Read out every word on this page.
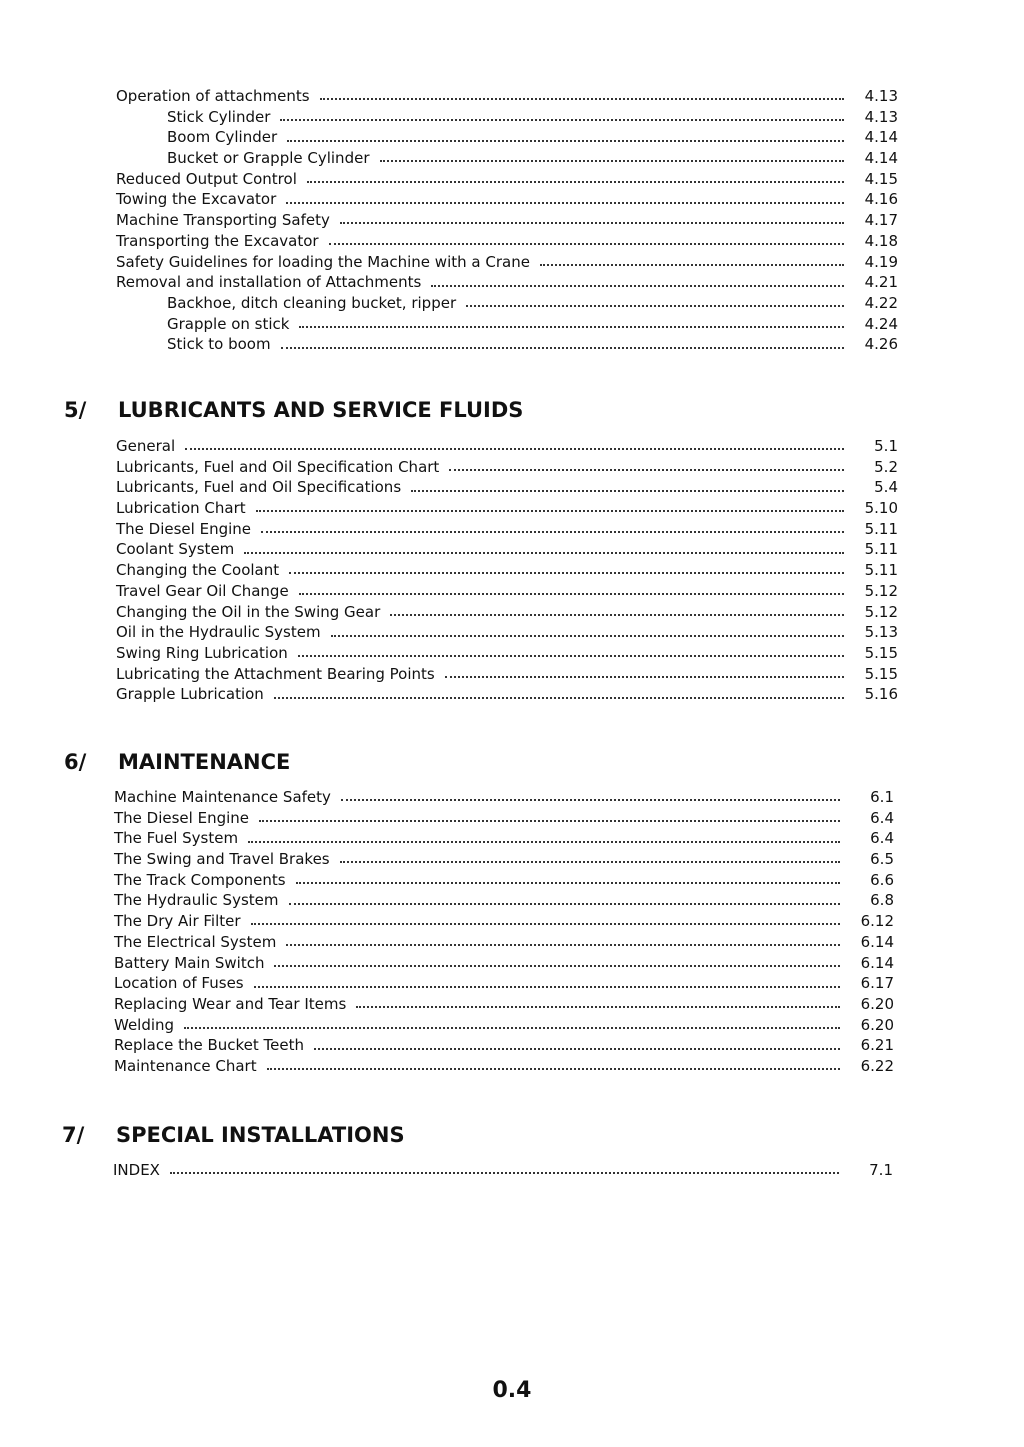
Operation of attachments	4.13
Stick Cylinder	4.13
Boom Cylinder	4.14
Bucket or Grapple Cylinder	4.14
Reduced Output Control	4.15
Towing the Excavator	4.16
Machine Transporting Safety	4.17
Transporting the Excavator	4.18
Safety Guidelines for loading the Machine with a Crane	4.19
Removal and installation of Attachments	4.21
Backhoe, ditch cleaning bucket, ripper	4.22
Grapple on stick	4.24
Stick to boom	4.26
5/	LUBRICANTS AND SERVICE FLUIDS
General	5.1
Lubricants, Fuel and Oil Specification Chart	5.2
Lubricants, Fuel and Oil Specifications	5.4
Lubrication Chart	5.10
The Diesel Engine	5.11
Coolant System	5.11
Changing the Coolant	5.11
Travel Gear Oil Change	5.12
Changing the Oil in the Swing Gear	5.12
Oil in the Hydraulic System	5.13
Swing Ring Lubrication	5.15
Lubricating the Attachment Bearing Points	5.15
Grapple Lubrication	5.16
6/	MAINTENANCE
Machine Maintenance Safety	6.1
The Diesel Engine	6.4
The Fuel System	6.4
The Swing and Travel Brakes	6.5
The Track Components	6.6
The Hydraulic System	6.8
The Dry Air Filter	6.12
The Electrical System	6.14
Battery Main Switch	6.14
Location of Fuses	6.17
Replacing Wear and Tear Items	6.20
Welding	6.20
Replace the Bucket Teeth	6.21
Maintenance Chart	6.22
7/	SPECIAL INSTALLATIONS
INDEX	7.1
0.4
